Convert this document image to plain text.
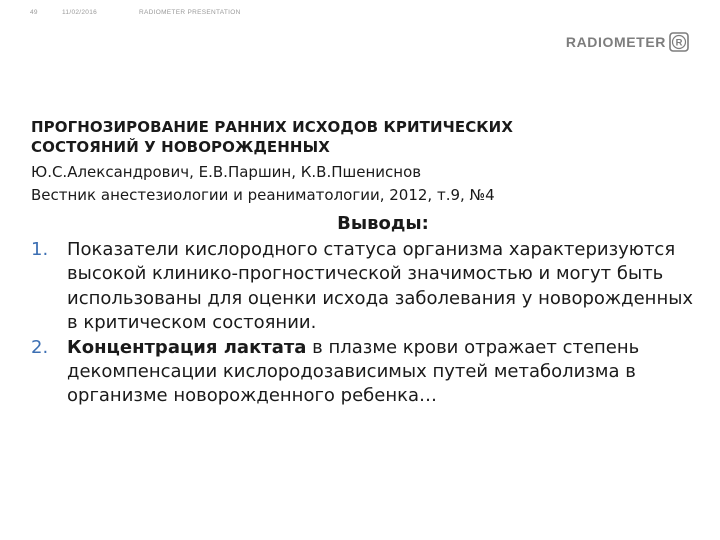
49	11/02/2016	RADIOMETER PRESENTATION
RADIOMETER R

ПРОГНОЗИРОВАНИЕ РАННИХ ИСХОДОВ КРИТИЧЕСКИХ
СОСТОЯНИЙ У НОВОРОЖДЕННЫХ

Ю.С.Александрович, Е.В.Паршин, К.В.Пшениснов

Вестник анестезиологии и реаниматологии, 2012, т.9, №4

Выводы:

1. Показатели кислородного статуса организма характеризуются высокой клинико-прогностической значимостью и могут быть использованы для оценки исхода заболевания у новорожденных в критическом состоянии.
2. Концентрация лактата в плазме крови отражает степень декомпенсации кислородозависимых путей метаболизма в организме новорожденного ребенка…
